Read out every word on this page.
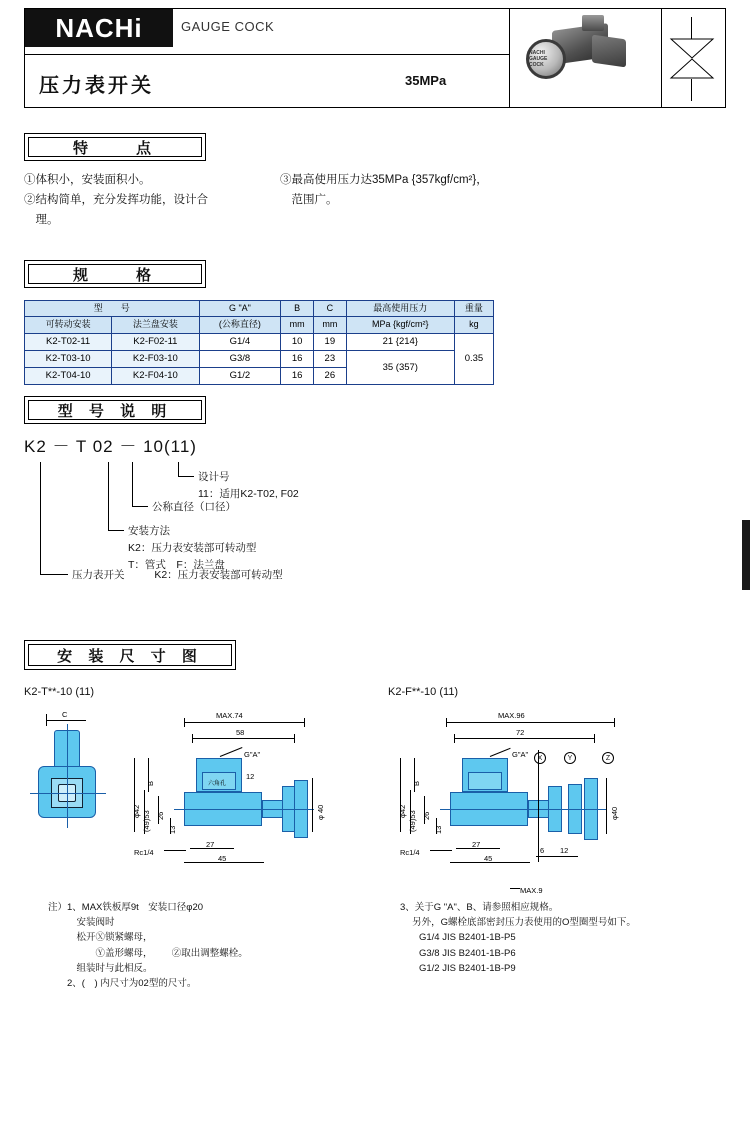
NACHi	GAUGE COCK
压力表开关	35MPa
NACHI GAUGE COCK
特　　点
①体积小，安装面积小。
②结构简单，充分发挥功能，设计合
　理。
③最高使用压力达35MPa {357kgf/cm²}，
　范围广。
规　　格
型　　号		G "A"	B	C	最高使用压力	重量
可转动安装	法兰盘安装	(公称直径)	mm	mm	MPa {kgf/cm²}	kg
K2-T02-11	K2-F02-11	G1/4	10	19	21 {214}	0.35
K2-T03-10	K2-F03-10	G3/8	16	23	35 (357)	
K2-T04-10	K2-F04-10	G1/2	16	26		
型 号 说 明
K2 － T 02 － 10(11)
设计号
11：适用K2-T02, F02
公称直径（口径）
安装方法
K2：压力表安装部可转动型
T：管式　F：法兰盘
压力表开关	K2：压力表安装部可转动型
安 装 尺 寸 图
K2-T**-10 (11)	K2-F**-10 (11)
MAX.74
58
C
G"A"
12
六角孔
B
φ42 (49)53 26
13
Rc1/4
27
45
φ 40
MAX.96
72
G"A"	X	Y	Z
B
φ42 (49)53 26
13
Rc1/4
27
45
6 12
MAX.9
φ40
注）1、MAX铁板厚9t　安装口径φ20
　　　安装阀时
　　　松开Ⓧ锁紧螺母，
　　　　　Ⓨ盖形螺母， Ⓩ取出调整螺栓。
　　　组装时与此相反。
　　2、(　) 内尺寸为02型的尺寸。
3、关于G "A"、B、请参照相应规格。
　 另外，G螺栓底部密封压力表使用的O型圈型号如下。
　　G1/4 JIS B2401-1B-P5
　　G3/8 JIS B2401-1B-P6
　　G1/2 JIS B2401-1B-P9
